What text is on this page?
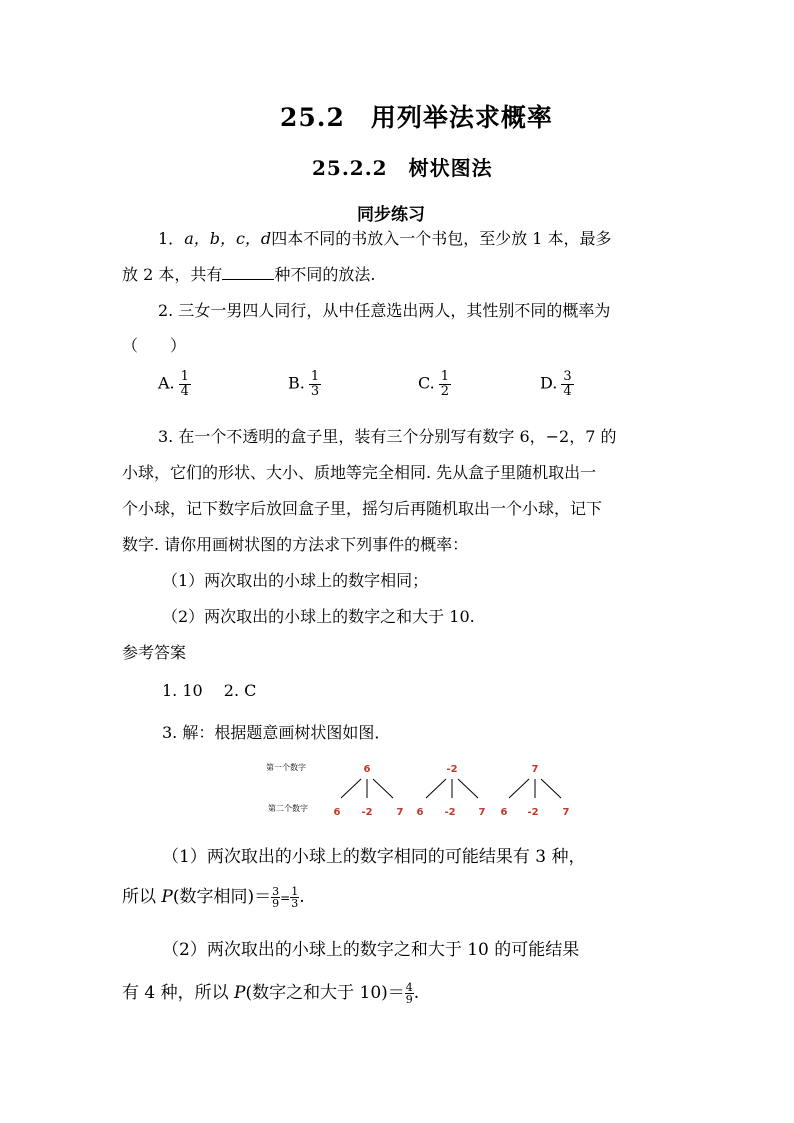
25.2　用列举法求概率
25.2.2　树状图法
同步练习
1．a，b，c，d四本不同的书放入一个书包，至少放 1 本，最多
放 2 本，共有	种不同的放法.
2. 三女一男四人同行，从中任意选出两人，其性别不同的概率为
（　　）
A. $\frac{1}{4}$	B. $\frac{1}{3}$	C. $\frac{1}{2}$	D. $\frac{3}{4}$
3. 在一个不透明的盒子里，装有三个分别写有数字 6，−2，7 的
小球，它们的形状、大小、质地等完全相同. 先从盒子里随机取出一
个小球，记下数字后放回盒子里，摇匀后再随机取出一个小球，记下
数字. 请你用画树状图的方法求下列事件的概率：
（1）两次取出的小球上的数字相同；
（2）两次取出的小球上的数字之和大于 10.
参考答案
1. 10　 2. C
3. 解：根据题意画树状图如图．
第一个数字
第二个数字
6	-2	7
6 -2 7 6 -2 7 6 -2 7
（1）两次取出的小球上的数字相同的可能结果有 3 种，
所以 P(数字相同)＝ $\frac{3}{9} = \frac{1}{3}$ .
（2）两次取出的小球上的数字之和大于 10 的可能结果
有 4 种，所以 P(数字之和大于 $10)= \frac{4}{9}$ .
